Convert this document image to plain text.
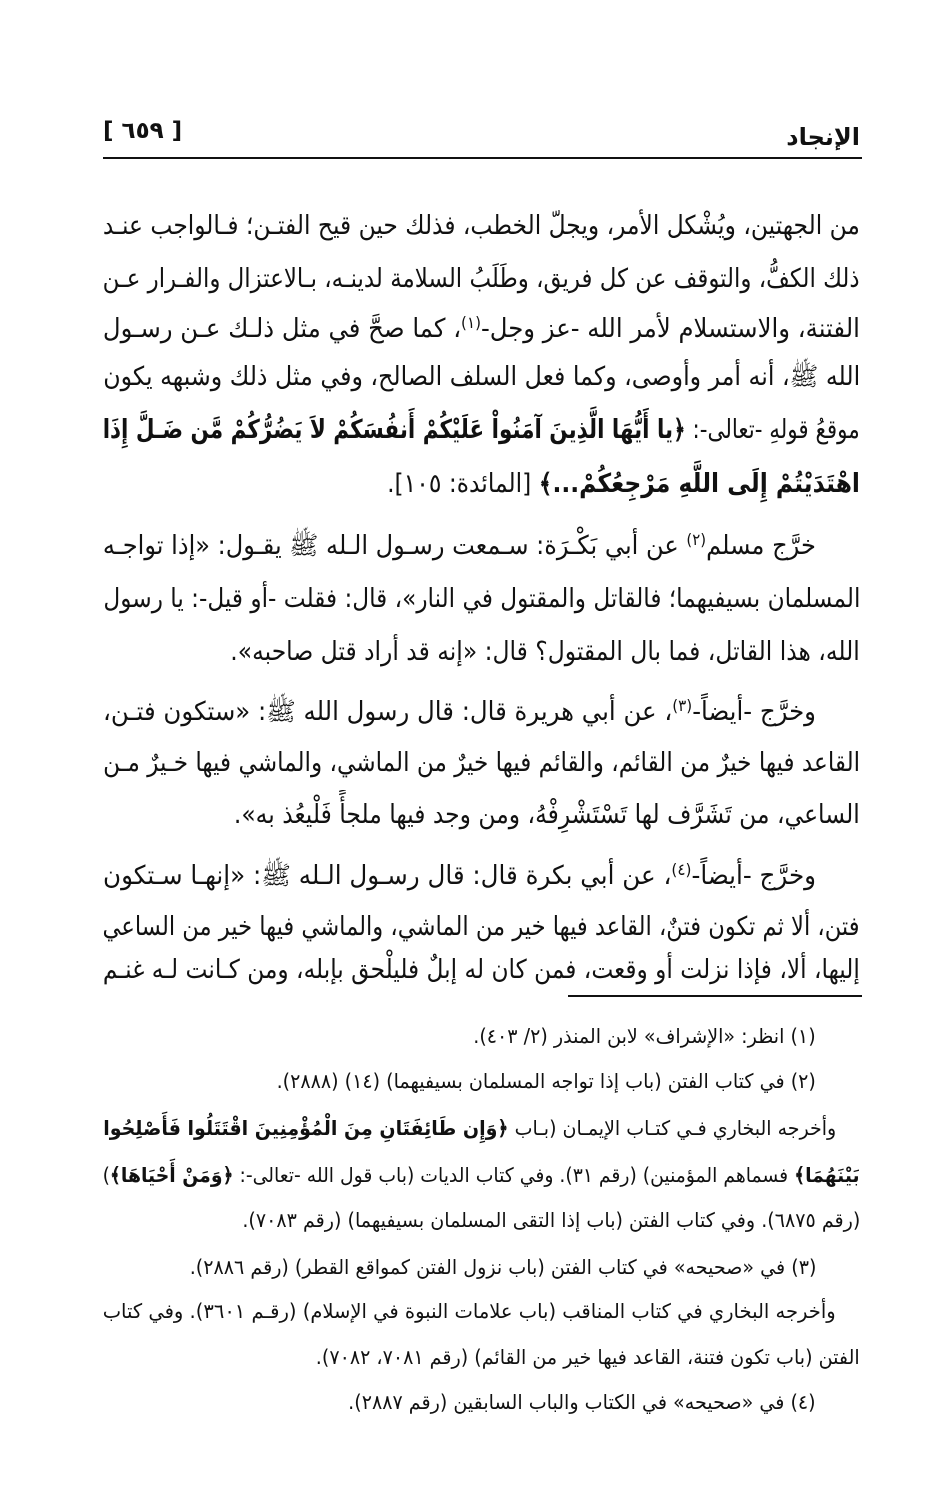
الإنجاد
[ ٦٥٩ ]
من الجهتين، ويُشْكل الأمر، ويجلّ الخطب، فذلك حين قيح الفتـن؛ فـالواجب عنـد
ذلك الكفُّ، والتوقف عن كل فريق، وطَلَبُ السلامة لدينـه، بـالاعتزال والفـرار عـن
الفتنة، والاستسلام لأمر الله -عز وجل-$^{(١)}$، كما صحَّ في مثل ذلـك عـن رسـول
الله ﷺ، أنه أمر وأوصى، وكما فعل السلف الصالح، وفي مثل ذلك وشبهه يكون
موقعُ قولهِ -تعالى-: ﴿يا أَيُّهَا الَّذِينَ آمَنُواْ عَلَيْكُمْ أَنفُسَكُمْ لاَ يَضُرُّكُمْ مَّن ضَـلَّ إِذَا
اهْتَدَيْتُمْ إِلَى اللَّهِ مَرْجِعُكُمْ...﴾ [المائدة: ١٠٥].
خرَّج مسلم$^{(٢)}$ عن أبي بَكْـرَة: سـمعت رسـول الـله ﷺ يقـول: «إذا تواجـه
المسلمان بسيفيهما؛ فالقاتل والمقتول في النار»، قال: فقلت -أو قيل-: يا رسول
الله، هذا القاتل، فما بال المقتول؟ قال: «إنه قد أراد قتل صاحبه».
وخرَّج -أيضاً-$^{(٣)}$، عن أبي هريرة قال: قال رسول الله ﷺ: «ستكون فتـن،
القاعد فيها خيرٌ من القائم، والقائم فيها خيرٌ من الماشي، والماشي فيها خـيرٌ مـن
الساعي، من تَشَرَّف لها تَسْتَشْرِفْهُ، ومن وجد فيها ملجأً فَلْيعُذ به».
وخرَّج -أيضاً-$^{(٤)}$، عن أبي بكرة قال: قال رسـول الـله ﷺ: «إنهـا سـتكون
فتن، ألا ثم تكون فتنٌ، القاعد فيها خير من الماشي، والماشي فيها خير من الساعي
إليها، ألا، فإذا نزلت أو وقعت، فمن كان له إبلٌ فليلْحق بإبله، ومن كـانت لـه غنـم
(١) انظر: «الإشراف» لابن المنذر (٢/ ٤٠٣).
(٢) في كتاب الفتن (باب إذا تواجه المسلمان بسيفيهما) (١٤) (٢٨٨٨).
وأخرجه البخاري فـي كتـاب الإيمـان (بـاب ﴿وَإِن طَائِفَتَانِ مِنَ الْمُؤْمِنِينَ اقْتَتَلُوا فَأَصْلِحُوا
بَيْنَهُمَا﴾ فسماهم المؤمنين) (رقم ٣١). وفي كتاب الديات (باب قول الله -تعالى-: ﴿وَمَنْ أَحْيَاهَا﴾)
(رقم ٦٨٧٥). وفي كتاب الفتن (باب إذا التقى المسلمان بسيفيهما) (رقم ٧٠٨٣).
(٣) في «صحيحه» في كتاب الفتن (باب نزول الفتن كمواقع القطر) (رقم ٢٨٨٦).
وأخرجه البخاري في كتاب المناقب (باب علامات النبوة في الإسلام) (رقـم ٣٦٠١). وفي كتاب
الفتن (باب تكون فتنة، القاعد فيها خير من القائم) (رقم ٧٠٨١، ٧٠٨٢).
(٤) في «صحيحه» في الكتاب والباب السابقين (رقم ٢٨٨٧).
